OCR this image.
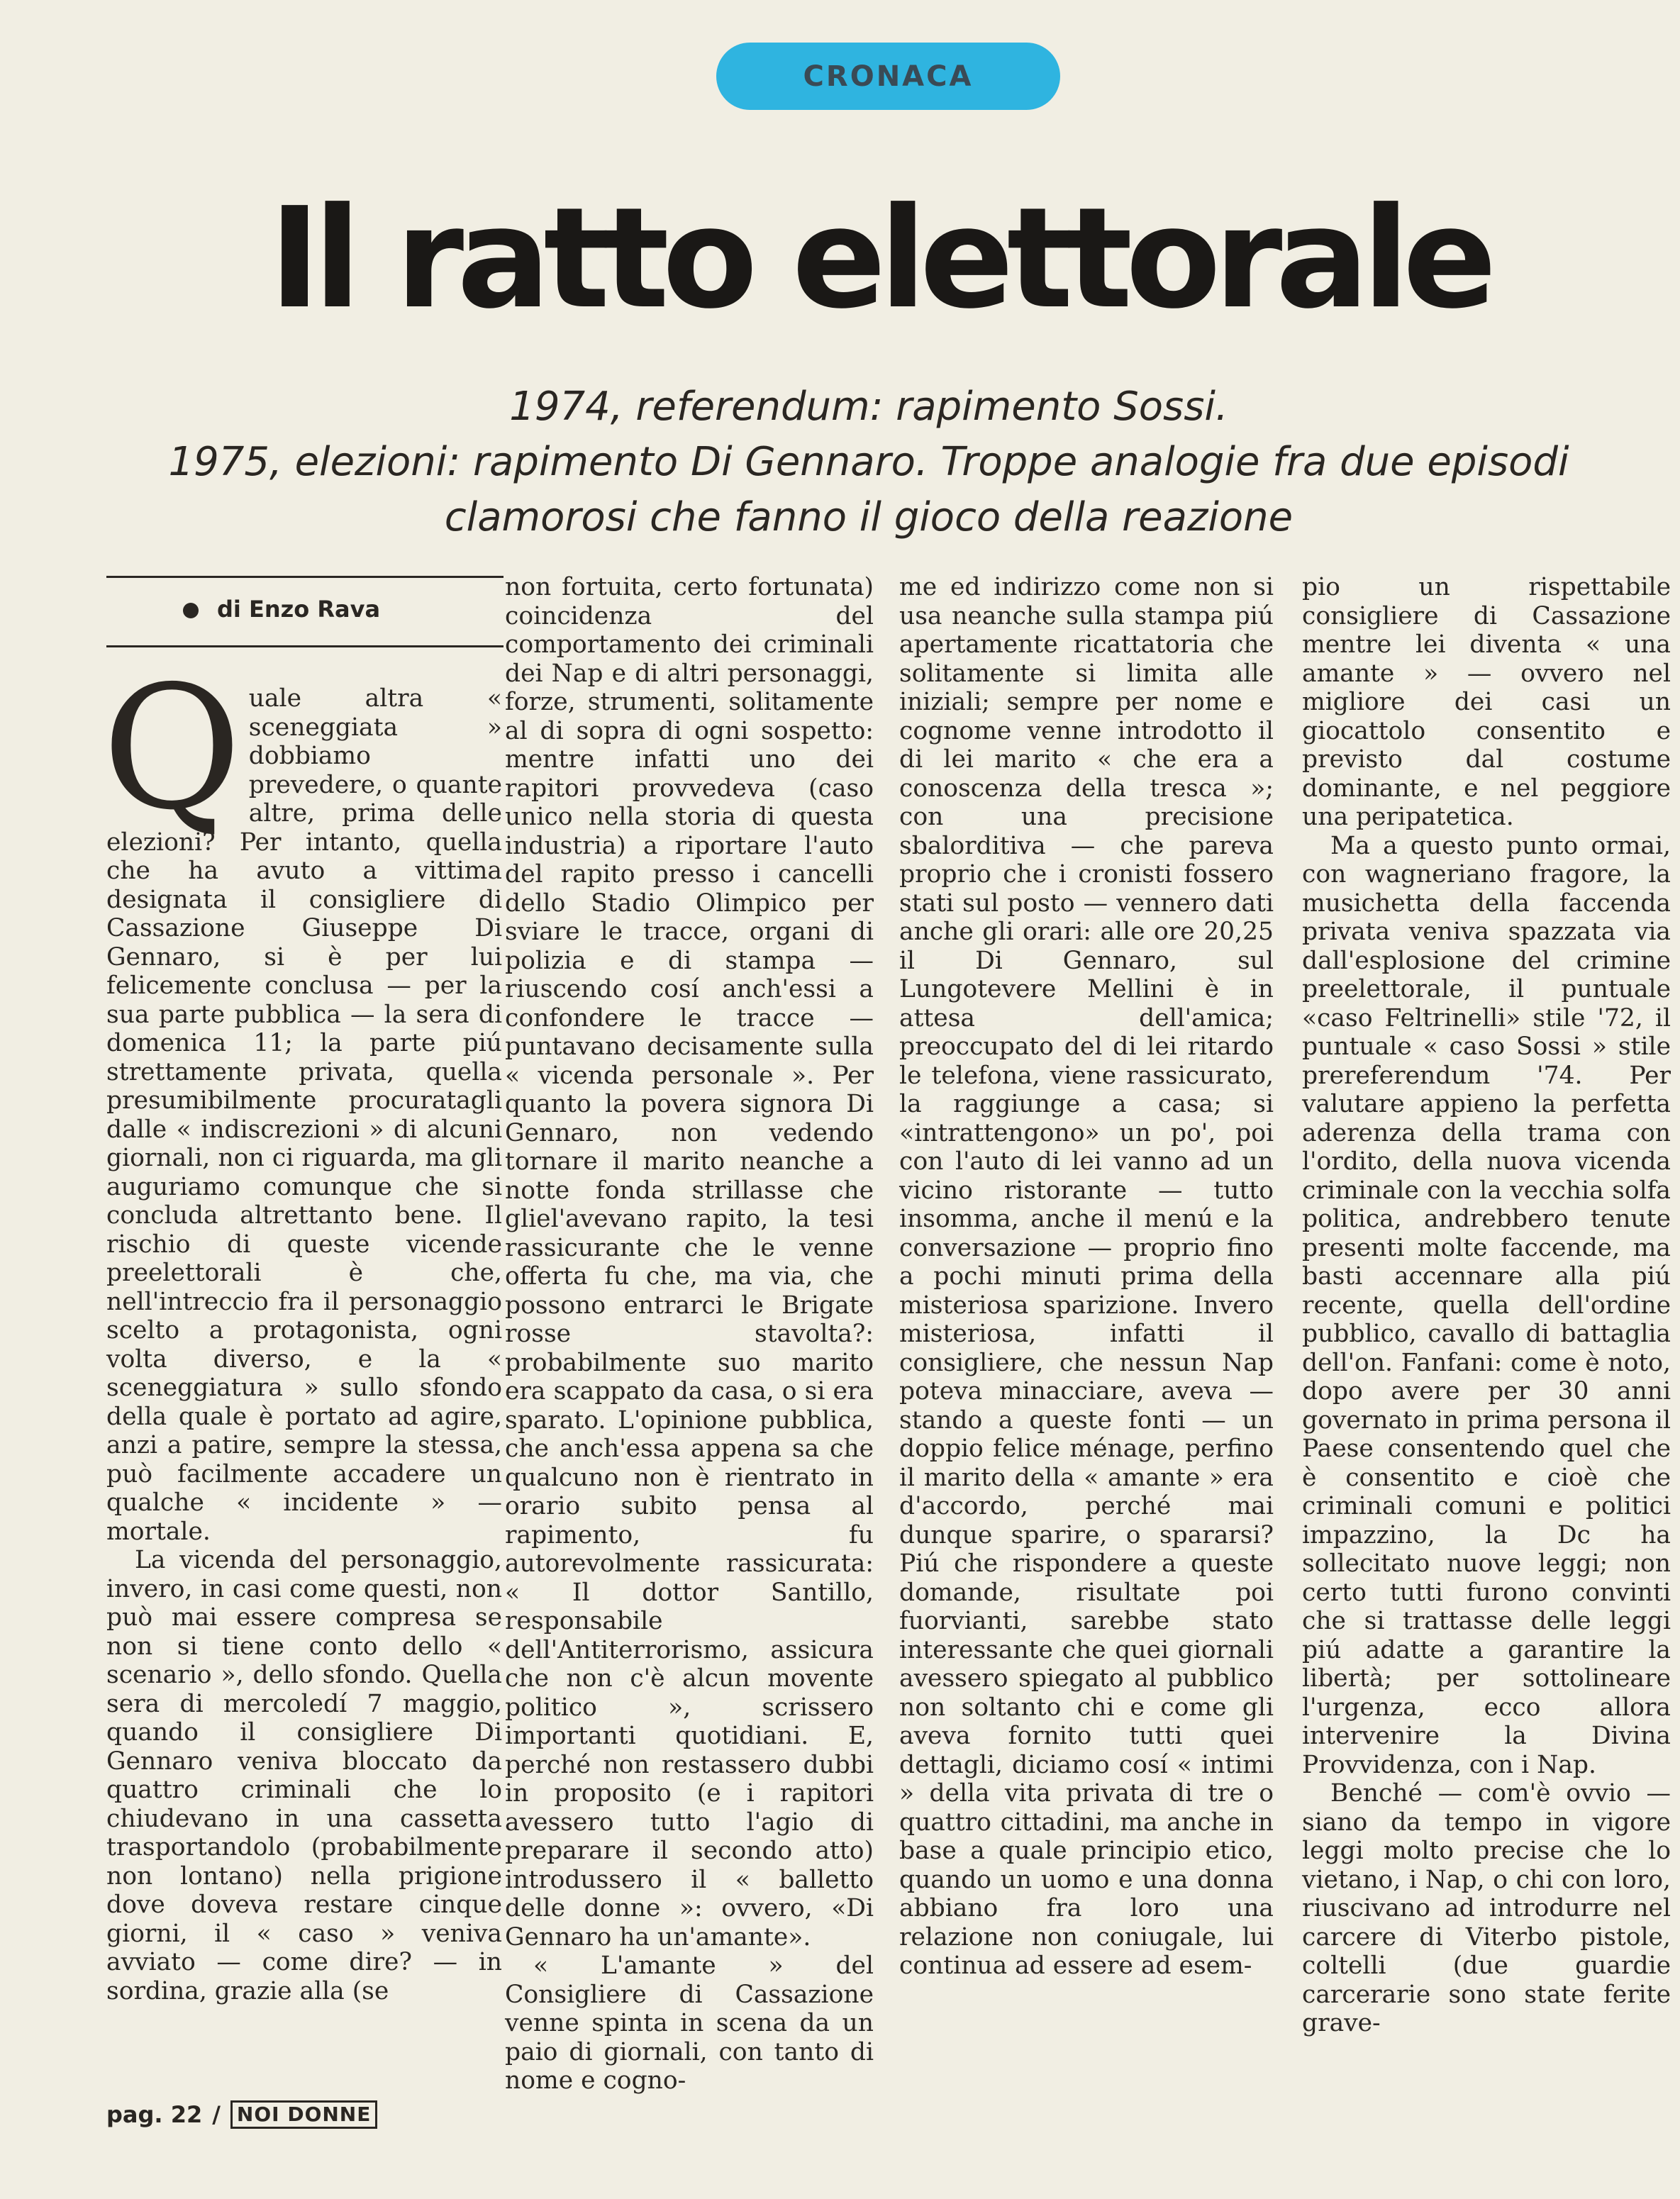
CRONACA
Il ratto elettorale
1974, referendum: rapimento Sossi.
1975, elezioni: rapimento Di Gennaro. Troppe analogie fra due episodi
clamorosi che fanno il gioco della reazione
di Enzo Rava

Quale altra « sceneggiata » dobbiamo prevedere, o quante altre, prima delle elezioni? Per intanto, quella che ha avuto a vittima designata il consigliere di Cassazione Giuseppe Di Gennaro, si è per lui felicemente conclusa — per la sua parte pubblica — la sera di domenica 11; la parte piú strettamente privata, quella presumibilmente procuratagli dalle « indiscrezioni » di alcuni giornali, non ci riguarda, ma gli auguriamo comunque che si concluda altrettanto bene. Il rischio di queste vicende preelettorali è che, nell'intreccio fra il personaggio scelto a protagonista, ogni volta diverso, e la « sceneggiatura » sullo sfondo della quale è portato ad agire, anzi a patire, sempre la stessa, può facilmente accadere un qualche « incidente » — mortale.

La vicenda del personaggio, invero, in casi come questi, non può mai essere compresa se non si tiene conto dello « scenario », dello sfondo. Quella sera di mercoledí 7 maggio, quando il consigliere Di Gennaro veniva bloccato da quattro criminali che lo chiudevano in una cassetta trasportandolo (probabilmente non lontano) nella prigione dove doveva restare cinque giorni, il « caso » veniva avviato — come dire? — in sordina, grazie alla (se

non fortuita, certo fortunata) coincidenza del comportamento dei criminali dei Nap e di altri personaggi, forze, strumenti, solitamente al di sopra di ogni sospetto: mentre infatti uno dei rapitori provvedeva (caso unico nella storia di questa industria) a riportare l'auto del rapito presso i cancelli dello Stadio Olimpico per sviare le tracce, organi di polizia e di stampa — riuscendo cosí anch'essi a confondere le tracce — puntavano decisamente sulla « vicenda personale ». Per quanto la povera signora Di Gennaro, non vedendo tornare il marito neanche a notte fonda strillasse che gliel'avevano rapito, la tesi rassicurante che le venne offerta fu che, ma via, che possono entrarci le Brigate rosse stavolta?: probabilmente suo marito era scappato da casa, o si era sparato. L'opinione pubblica, che anch'essa appena sa che qualcuno non è rientrato in orario subito pensa al rapimento, fu autorevolmente rassicurata: « Il dottor Santillo, responsabile dell'Antiterrorismo, assicura che non c'è alcun movente politico », scrissero importanti quotidiani. E, perché non restassero dubbi in proposito (e i rapitori avessero tutto l'agio di preparare il secondo atto) introdussero il « balletto delle donne »: ovvero, «Di Gennaro ha un'amante».

« L'amante » del Consigliere di Cassazione venne spinta in scena da un paio di giornali, con tanto di nome e cogno-

me ed indirizzo come non si usa neanche sulla stampa piú apertamente ricattatoria che solitamente si limita alle iniziali; sempre per nome e cognome venne introdotto il di lei marito « che era a conoscenza della tresca »; con una precisione sbalorditiva — che pareva proprio che i cronisti fossero stati sul posto — vennero dati anche gli orari: alle ore 20,25 il Di Gennaro, sul Lungotevere Mellini è in attesa dell'amica; preoccupato del di lei ritardo le telefona, viene rassicurato, la raggiunge a casa; si «intrattengono» un po', poi con l'auto di lei vanno ad un vicino ristorante — tutto insomma, anche il menú e la conversazione — proprio fino a pochi minuti prima della misteriosa sparizione. Invero misteriosa, infatti il consigliere, che nessun Nap poteva minacciare, aveva — stando a queste fonti — un doppio felice ménage, perfino il marito della « amante » era d'accordo, perché mai dunque sparire, o spararsi? Piú che rispondere a queste domande, risultate poi fuorvianti, sarebbe stato interessante che quei giornali avessero spiegato al pubblico non soltanto chi e come gli aveva fornito tutti quei dettagli, diciamo cosí « intimi » della vita privata di tre o quattro cittadini, ma anche in base a quale principio etico, quando un uomo e una donna abbiano fra loro una relazione non coniugale, lui continua ad essere ad esem-

pio un rispettabile consigliere di Cassazione mentre lei diventa « una amante » — ovvero nel migliore dei casi un giocattolo consentito e previsto dal costume dominante, e nel peggiore una peripatetica.

Ma a questo punto ormai, con wagneriano fragore, la musichetta della faccenda privata veniva spazzata via dall'esplosione del crimine preelettorale, il puntuale «caso Feltrinelli» stile '72, il puntuale « caso Sossi » stile prereferendum '74. Per valutare appieno la perfetta aderenza della trama con l'ordito, della nuova vicenda criminale con la vecchia solfa politica, andrebbero tenute presenti molte faccende, ma basti accennare alla piú recente, quella dell'ordine pubblico, cavallo di battaglia dell'on. Fanfani: come è noto, dopo avere per 30 anni governato in prima persona il Paese consentendo quel che è consentito e cioè che criminali comuni e politici impazzino, la Dc ha sollecitato nuove leggi; non certo tutti furono convinti che si trattasse delle leggi piú adatte a garantire la libertà; per sottolineare l'urgenza, ecco allora intervenire la Divina Provvidenza, con i Nap.

Benché — com'è ovvio — siano da tempo in vigore leggi molto precise che lo vietano, i Nap, o chi con loro, riuscivano ad introdurre nel carcere di Viterbo pistole, coltelli (due guardie carcerarie sono state ferite grave-

pag. 22 / NOI DONNE
